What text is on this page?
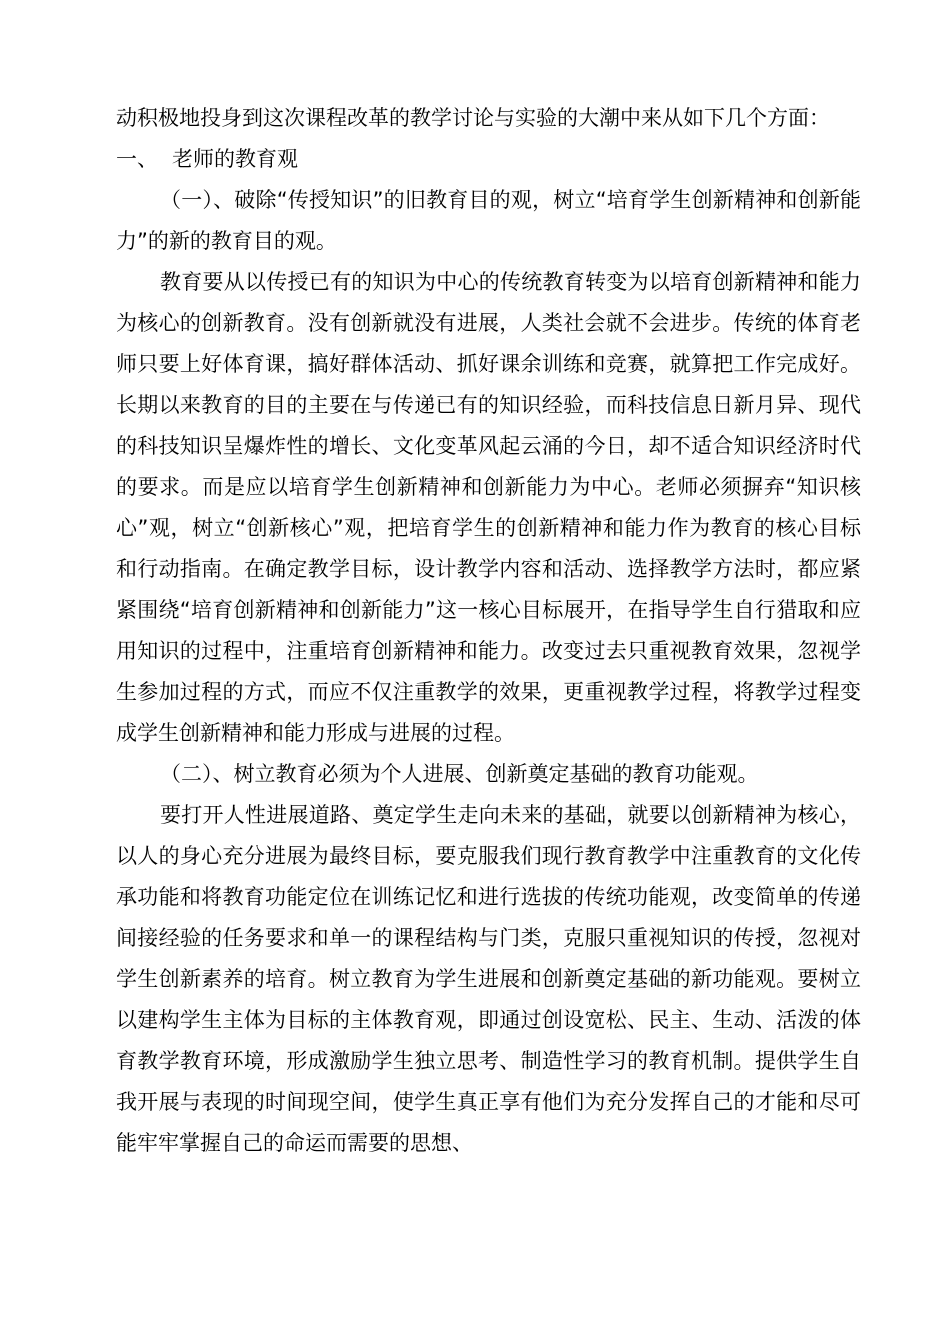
动积极地投身到这次课程改革的教学讨论与实验的大潮中来从如下几个方面：

一、 老师的教育观

（一）、破除“传授知识”的旧教育目的观，树立“培育学生创新精神和创新能力”的新的教育目的观。

教育要从以传授已有的知识为中心的传统教育转变为以培育创新精神和能力为核心的创新教育。没有创新就没有进展，人类社会就不会进步。传统的体育老师只要上好体育课，搞好群体活动、抓好课余训练和竞赛，就算把工作完成好。长期以来教育的目的主要在与传递已有的知识经验，而科技信息日新月异、现代的科技知识呈爆炸性的增长、文化变革风起云涌的今日，却不适合知识经济时代的要求。而是应以培育学生创新精神和创新能力为中心。老师必须摒弃“知识核心”观，树立“创新核心”观，把培育学生的创新精神和能力作为教育的核心目标和行动指南。在确定教学目标，设计教学内容和活动、选择教学方法时，都应紧紧围绕“培育创新精神和创新能力”这一核心目标展开，在指导学生自行猎取和应用知识的过程中，注重培育创新精神和能力。改变过去只重视教育效果，忽视学生参加过程的方式，而应不仅注重教学的效果，更重视教学过程，将教学过程变成学生创新精神和能力形成与进展的过程。

（二）、树立教育必须为个人进展、创新奠定基础的教育功能观。

要打开人性进展道路、奠定学生走向未来的基础，就要以创新精神为核心，以人的身心充分进展为最终目标，要克服我们现行教育教学中注重教育的文化传承功能和将教育功能定位在训练记忆和进行选拔的传统功能观，改变简单的传递间接经验的任务要求和单一的课程结构与门类，克服只重视知识的传授，忽视对学生创新素养的培育。树立教育为学生进展和创新奠定基础的新功能观。要树立以建构学生主体为目标的主体教育观，即通过创设宽松、民主、生动、活泼的体育教学教育环境，形成激励学生独立思考、制造性学习的教育机制。提供学生自我开展与表现的时间现空间，使学生真正享有他们为充分发挥自己的才能和尽可能牢牢掌握自己的命运而需要的思想、
